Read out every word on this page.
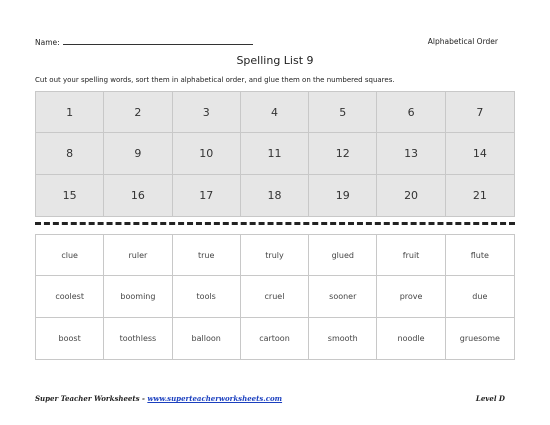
Name:	Alphabetical Order
Spelling List 9
Cut out your spelling words, sort them in alphabetical order, and glue them on the numbered squares.
1	2	3	4	5	6	7
8	9	10	11	12	13	14
15	16	17	18	19	20	21
clue	ruler	true	truly	glued	fruit	flute
coolest	booming	tools	cruel	sooner	prove	due
boost	toothless	balloon	cartoon	smooth	noodle	gruesome
Super Teacher Worksheets - www.superteacherworksheets.com	Level D
